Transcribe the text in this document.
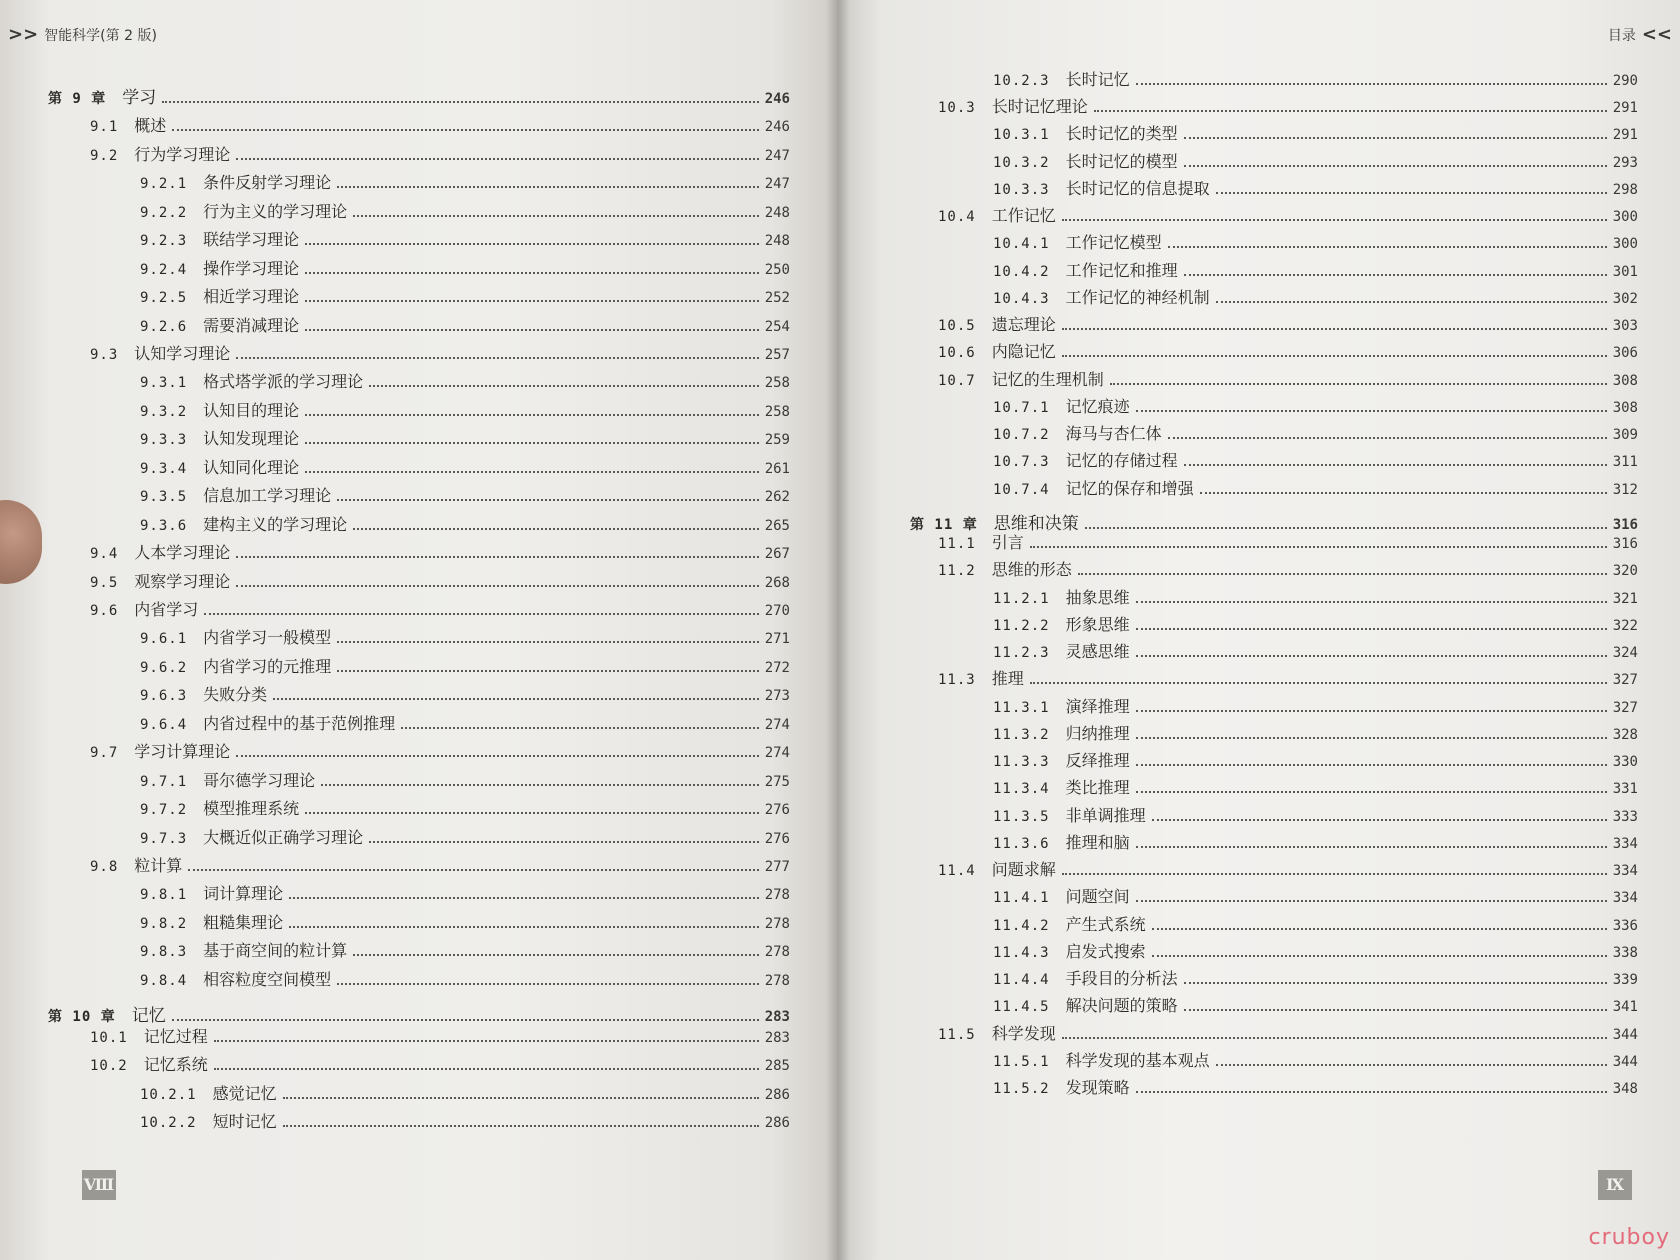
>> 智能科学(第 2 版)
第 9 章 学习	246
9.1 概述	246
9.2 行为学习理论	247
9.2.1 条件反射学习理论	247
9.2.2 行为主义的学习理论	248
9.2.3 联结学习理论	248
9.2.4 操作学习理论	250
9.2.5 相近学习理论	252
9.2.6 需要消减理论	254
9.3 认知学习理论	257
9.3.1 格式塔学派的学习理论	258
9.3.2 认知目的理论	258
9.3.3 认知发现理论	259
9.3.4 认知同化理论	261
9.3.5 信息加工学习理论	262
9.3.6 建构主义的学习理论	265
9.4 人本学习理论	267
9.5 观察学习理论	268
9.6 内省学习	270
9.6.1 内省学习一般模型	271
9.6.2 内省学习的元推理	272
9.6.3 失败分类	273
9.6.4 内省过程中的基于范例推理	274
9.7 学习计算理论	274
9.7.1 哥尔德学习理论	275
9.7.2 模型推理系统	276
9.7.3 大概近似正确学习理论	276
9.8 粒计算	277
9.8.1 词计算理论	278
9.8.2 粗糙集理论	278
9.8.3 基于商空间的粒计算	278
9.8.4 相容粒度空间模型	278
第 10 章 记忆	283
10.1 记忆过程	283
10.2 记忆系统	285
10.2.1 感觉记忆	286
10.2.2 短时记忆	286
Ⅷ
目录 <<
10.2.3 长时记忆	290
10.3 长时记忆理论	291
10.3.1 长时记忆的类型	291
10.3.2 长时记忆的模型	293
10.3.3 长时记忆的信息提取	298
10.4 工作记忆	300
10.4.1 工作记忆模型	300
10.4.2 工作记忆和推理	301
10.4.3 工作记忆的神经机制	302
10.5 遗忘理论	303
10.6 内隐记忆	306
10.7 记忆的生理机制	308
10.7.1 记忆痕迹	308
10.7.2 海马与杏仁体	309
10.7.3 记忆的存储过程	311
10.7.4 记忆的保存和增强	312
第 11 章 思维和决策	316
11.1 引言	316
11.2 思维的形态	320
11.2.1 抽象思维	321
11.2.2 形象思维	322
11.2.3 灵感思维	324
11.3 推理	327
11.3.1 演绎推理	327
11.3.2 归纳推理	328
11.3.3 反绎推理	330
11.3.4 类比推理	331
11.3.5 非单调推理	333
11.3.6 推理和脑	334
11.4 问题求解	334
11.4.1 问题空间	334
11.4.2 产生式系统	336
11.4.3 启发式搜索	338
11.4.4 手段目的分析法	339
11.4.5 解决问题的策略	341
11.5 科学发现	344
11.5.1 科学发现的基本观点	344
11.5.2 发现策略	348
Ⅸ
cruboy
